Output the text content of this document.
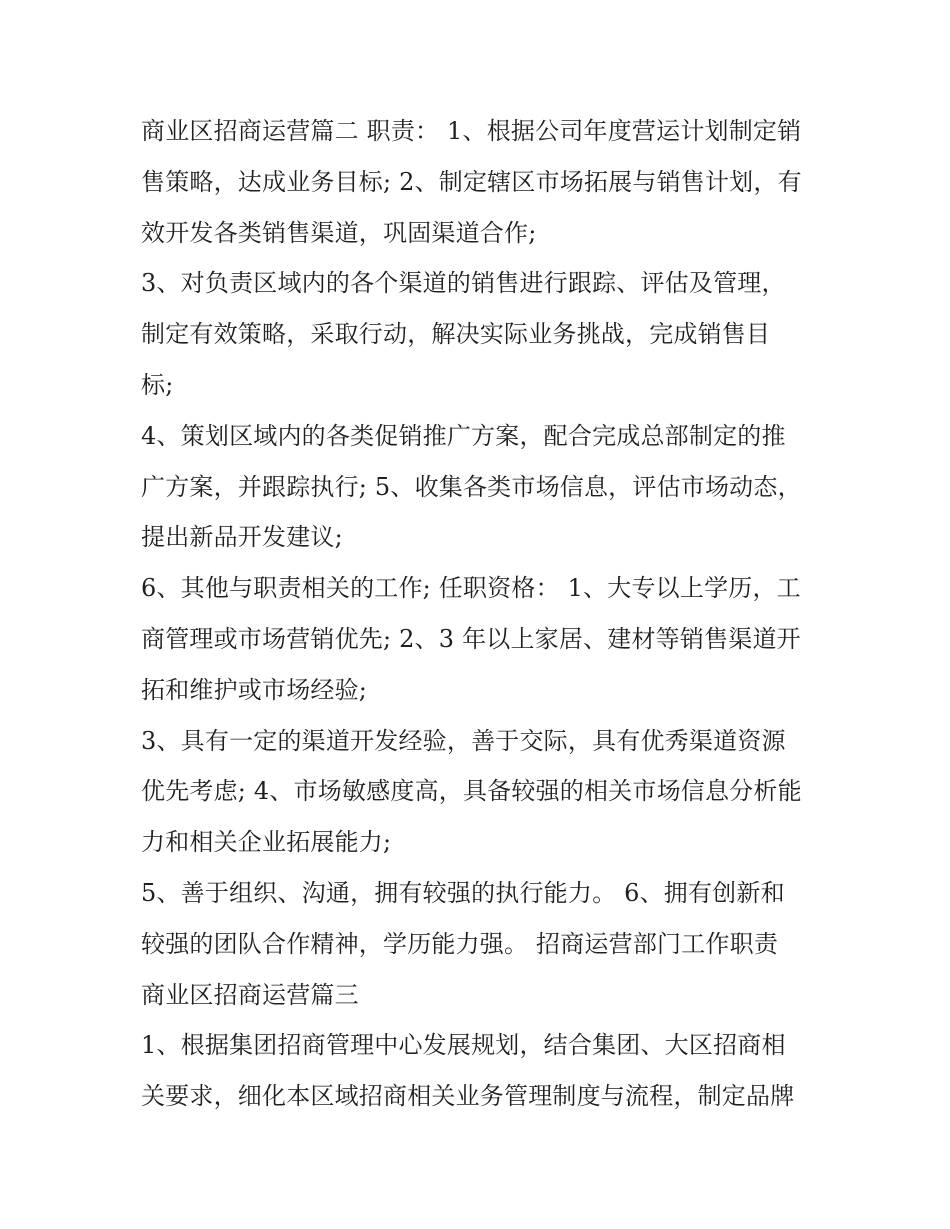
商业区招商运营篇二 职责： 1、根据公司年度营运计划制定销
售策略，达成业务目标; 2、制定辖区市场拓展与销售计划，有
效开发各类销售渠道，巩固渠道合作;
3、对负责区域内的各个渠道的销售进行跟踪、评估及管理，
制定有效策略，采取行动，解决实际业务挑战，完成销售目
标;
4、策划区域内的各类促销推广方案，配合完成总部制定的推
广方案，并跟踪执行; 5、收集各类市场信息，评估市场动态，
提出新品开发建议;
6、其他与职责相关的工作; 任职资格： 1、大专以上学历，工
商管理或市场营销优先; 2、3 年以上家居、建材等销售渠道开
拓和维护或市场经验;
3、具有一定的渠道开发经验，善于交际，具有优秀渠道资源
优先考虑; 4、市场敏感度高，具备较强的相关市场信息分析能
力和相关企业拓展能力;
5、善于组织、沟通，拥有较强的执行能力。 6、拥有创新和
较强的团队合作精神，学历能力强。 招商运营部门工作职责
商业区招商运营篇三
1、根据集团招商管理中心发展规划，结合集团、大区招商相
关要求，细化本区域招商相关业务管理制度与流程，制定品牌
